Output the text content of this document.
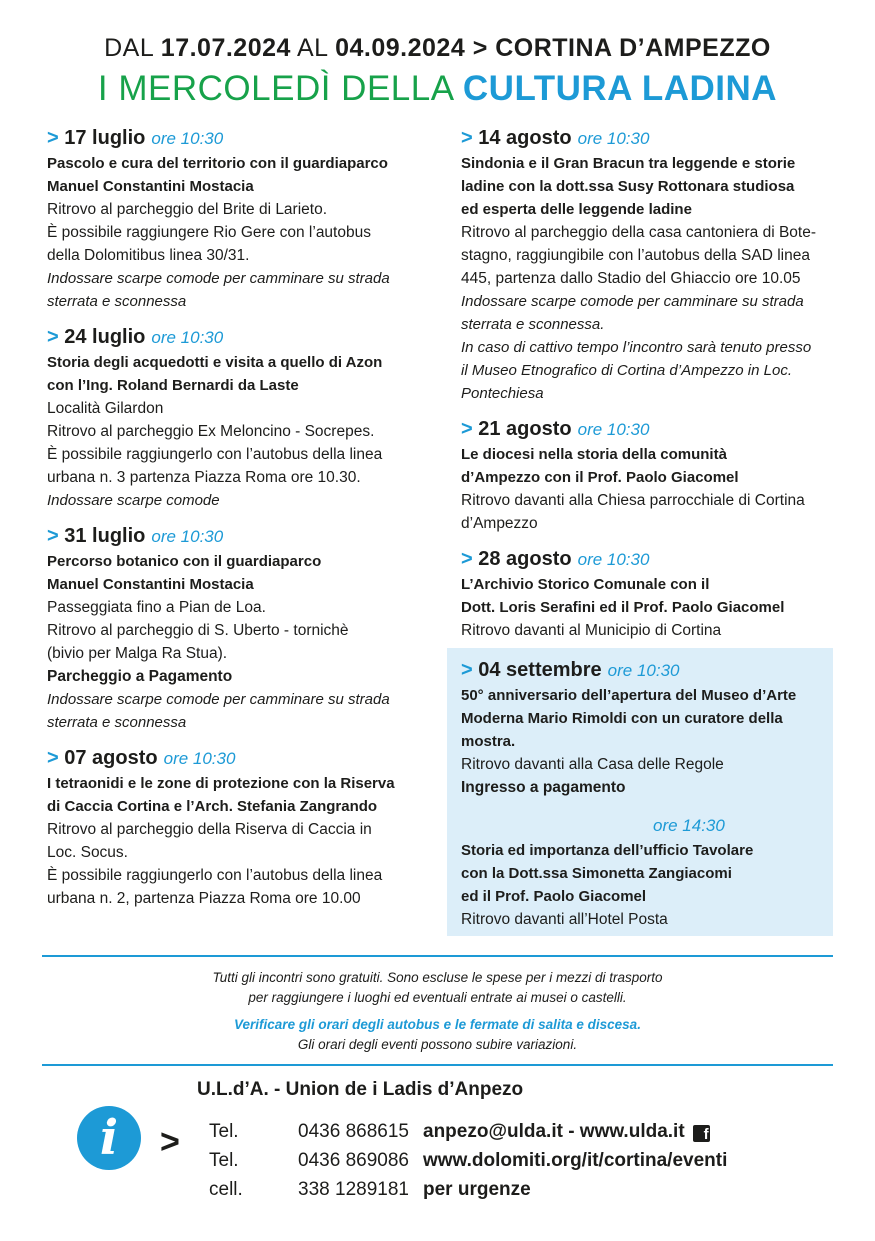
DAL 17.07.2024 AL 04.09.2024 > CORTINA D’AMPEZZO
I MERCOLEDÌ DELLA CULTURA LADINA
> 17 luglio ore 10:30
Pascolo e cura del territorio con il guardiaparco
Manuel Constantini Mostacia
Ritrovo al parcheggio del Brite di Larieto.
È possibile raggiungere Rio Gere con l’autobus
della Dolomitibus linea 30/31.
Indossare scarpe comode per camminare su strada
sterrata e sconnessa
> 24 luglio ore 10:30
Storia degli acquedotti e visita a quello di Azon
con l’Ing. Roland Bernardi da Laste
Località Gilardon
Ritrovo al parcheggio Ex Meloncino - Socrepes.
È possibile raggiungerlo con l’autobus della linea
urbana n. 3 partenza Piazza Roma ore 10.30.
Indossare scarpe comode
> 31 luglio ore 10:30
Percorso botanico con il guardiaparco
Manuel Constantini Mostacia
Passeggiata fino a Pian de Loa.
Ritrovo al parcheggio di S. Uberto - tornichè
(bivio per Malga Ra Stua).
Parcheggio a Pagamento
Indossare scarpe comode per camminare su strada
sterrata e sconnessa
> 07 agosto ore 10:30
I tetraonidi e le zone di protezione con la Riserva
di Caccia Cortina e l’Arch. Stefania Zangrando
Ritrovo al parcheggio della Riserva di Caccia in
Loc. Socus.
È possibile raggiungerlo con l’autobus della linea
urbana n. 2, partenza Piazza Roma ore 10.00
> 14 agosto ore 10:30
Sindonia e il Gran Bracun tra leggende e storie
ladine con la dott.ssa Susy Rottonara studiosa
ed esperta delle leggende ladine
Ritrovo al parcheggio della casa cantoniera di Bote-
stagno, raggiungibile con l’autobus della SAD linea
445, partenza dallo Stadio del Ghiaccio ore 10.05
Indossare scarpe comode per camminare su strada
sterrata e sconnessa.
In caso di cattivo tempo l’incontro sarà tenuto presso
il Museo Etnografico di Cortina d’Ampezzo in Loc.
Pontechiesa
> 21 agosto ore 10:30
Le diocesi nella storia della comunità
d’Ampezzo con il Prof. Paolo Giacomel
Ritrovo davanti alla Chiesa parrocchiale di Cortina
d’Ampezzo
> 28 agosto ore 10:30
L’Archivio Storico Comunale con il
Dott. Loris Serafini ed il Prof. Paolo Giacomel
Ritrovo davanti al Municipio di Cortina
> 04 settembre ore 10:30
50° anniversario dell’apertura del Museo d’Arte
Moderna Mario Rimoldi con un curatore della
mostra.
Ritrovo davanti alla Casa delle Regole
Ingresso a pagamento
ore 14:30
Storia ed importanza dell’ufficio Tavolare
con la Dott.ssa Simonetta Zangiacomi
ed il Prof. Paolo Giacomel
Ritrovo davanti all’Hotel Posta
Tutti gli incontri sono gratuiti. Sono escluse le spese per i mezzi di trasporto
per raggiungere i luoghi ed eventuali entrate ai musei o castelli.
Verificare gli orari degli autobus e le fermate di salita e discesa.
Gli orari degli eventi possono subire variazioni.
i	>
U.L.d’A. - Union de i Ladis d’Anpezo
Tel.	0436 868615 anpezo@ulda.it - www.ulda.it f
Tel.	0436 869086 www.dolomiti.org/it/cortina/eventi
cell.	338 1289181 per urgenze
